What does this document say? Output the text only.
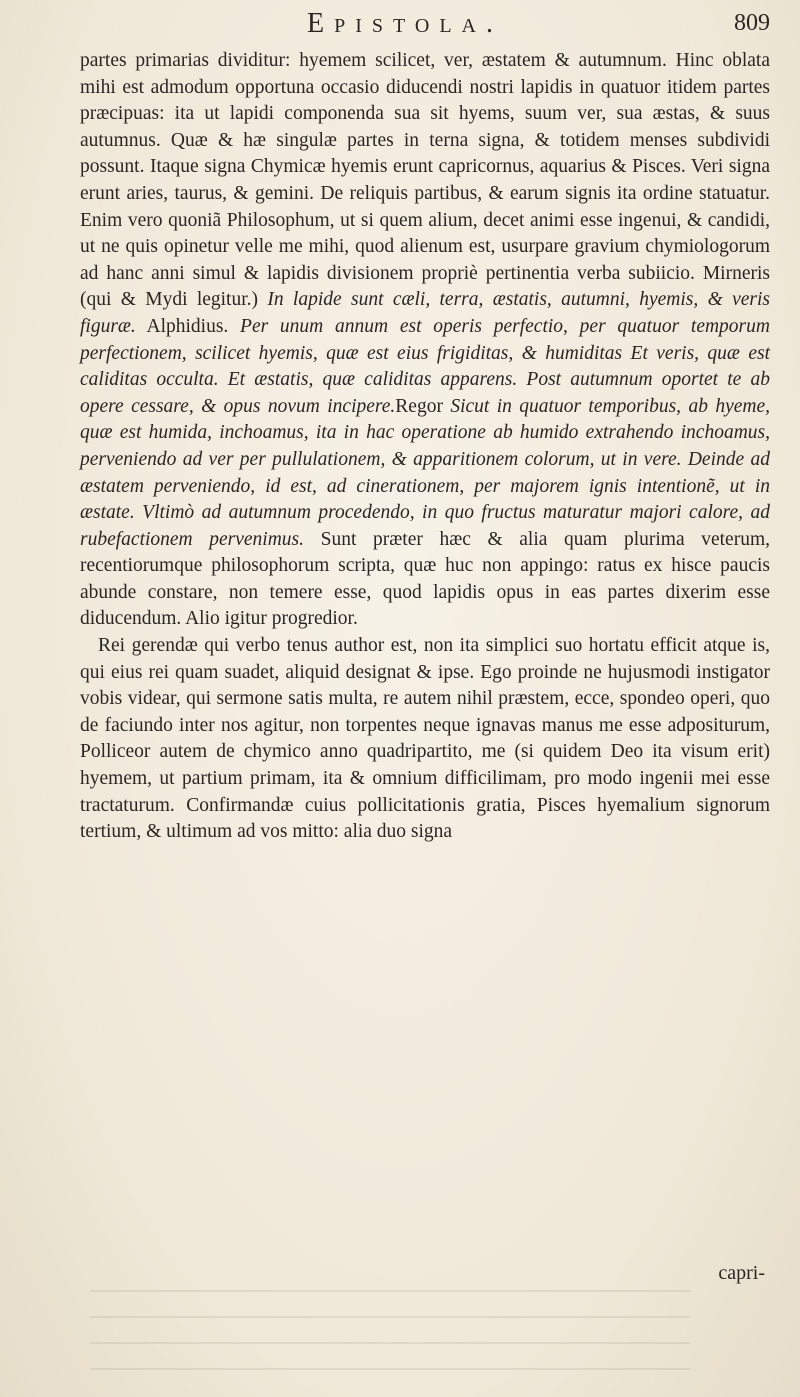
Epistola.	809

partes primarias dividitur: hyemem scilicet, ver, æstatem & autumnum. Hinc oblata mihi est admodum opportuna occasio diducendi nostri lapidis in quatuor itidem partes præcipuas: ita ut lapidi componenda sua sit hyems, suum ver, sua æstas, & suus autumnus. Quæ & hæ singulæ partes in terna signa, & totidem menses subdividi possunt. Itaque signa Chymicæ hyemis erunt capricornus, aquarius & Pisces. Veri signa erunt aries, taurus, & gemini. De reliquis partibus, & earum signis ita ordine statuatur. Enim vero quoniã Philosophum, ut si quem alium, decet animi esse ingenui, & candidi, ut ne quis opinetur velle me mihi, quod alienum est, usurpare gravium chymiologorum ad hanc anni simul & lapidis divisionem propriè pertinentia verba subiicio. Mirneris (qui & Mydi legitur.) In lapide sunt cæli, terra, æstatis, autumni, hyemis, & veris figuræ. Alphidius. Per unum annum est operis perfectio, per quatuor temporum perfectionem, scilicet hyemis, quæ est eius frigiditas, & humiditas Et veris, quæ est caliditas occulta. Et æstatis, quæ caliditas apparens. Post autumnum oportet te ab opere cessare, & opus novum incipere.Regor Sicut in quatuor temporibus, ab hyeme, quæ est humida, inchoamus, ita in hac operatione ab humido extrahendo inchoamus, perveniendo ad ver per pullulationem, & apparitionem colorum, ut in vere. Deinde ad æstatem perveniendo, id est, ad cinerationem, per majorem ignis intentionẽ, ut in æstate. Vltimò ad autumnum procedendo, in quo fructus maturatur majori calore, ad rubefactionem pervenimus. Sunt præter hæc & alia quam plurima veterum, recentiorumque philosophorum scripta, quæ huc non appingo: ratus ex hisce paucis abunde constare, non temere esse, quod lapidis opus in eas partes dixerim esse diducendum. Alio igitur progredior.

Rei gerendæ qui verbo tenus author est, non ita simplici suo hortatu efficit atque is, qui eius rei quam suadet, aliquid designat & ipse. Ego proinde ne hujusmodi instigator vobis videar, qui sermone satis multa, re autem nihil præstem, ecce, spondeo operi, quo de faciundo inter nos agitur, non torpentes neque ignavas manus me esse adpositurum, Polliceor autem de chymico anno quadripartito, me (si quidem Deo ita visum erit) hyemem, ut partium primam, ita & omnium difficilimam, pro modo ingenii mei esse tractaturum. Confirmandæ cuius pollicitationis gratia, Pisces hyemalium signorum tertium, & ultimum ad vos mitto: alia duo signa

capri-
